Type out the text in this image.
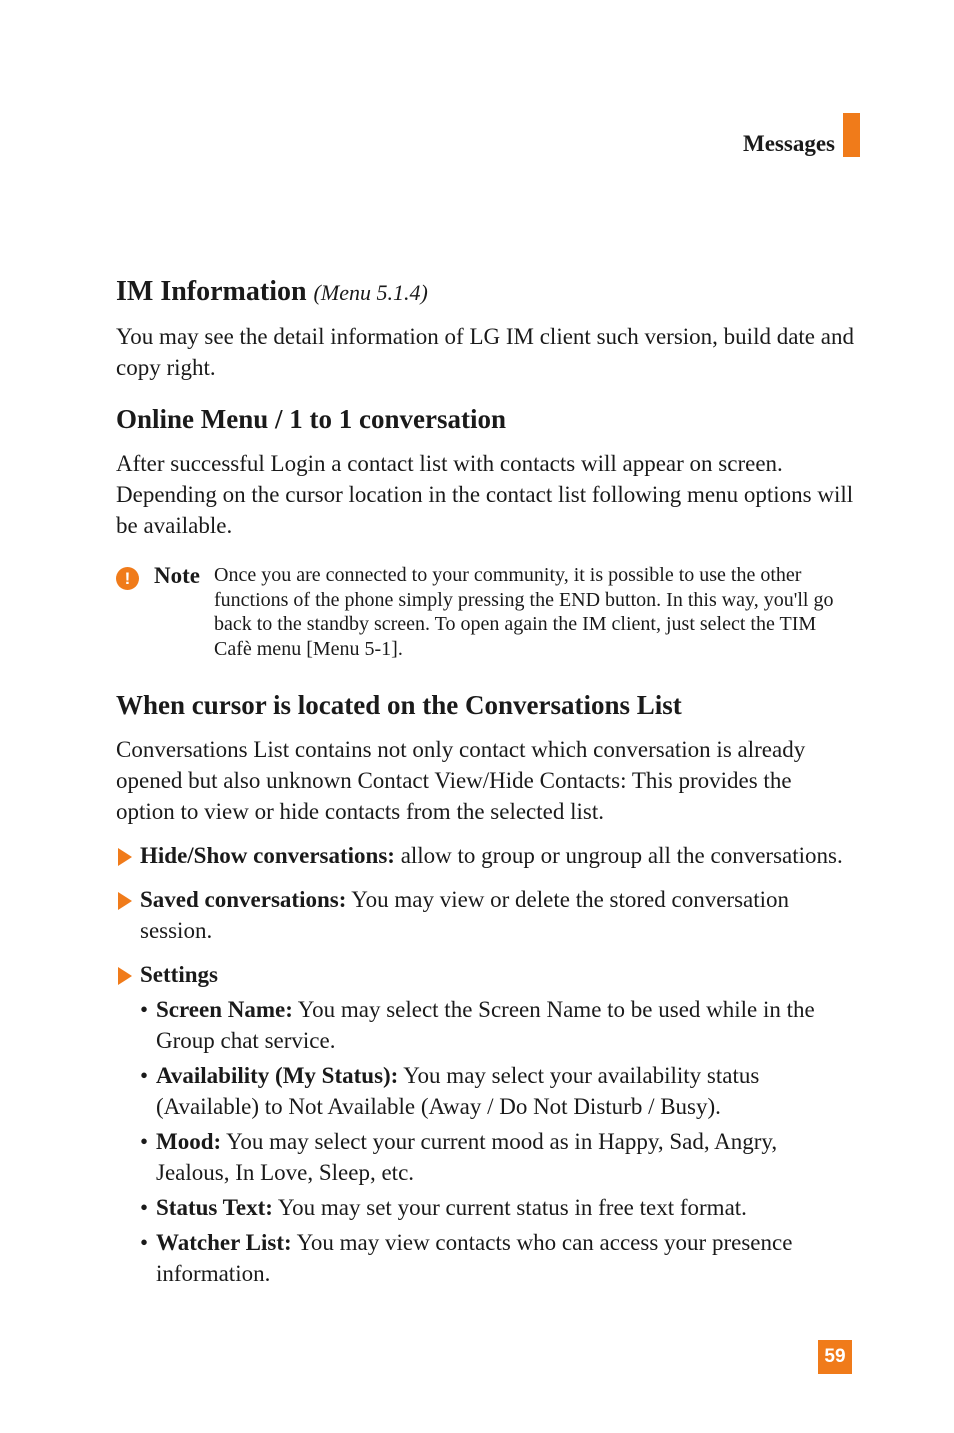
Messages
IM Information (Menu 5.1.4)

You may see the detail information of LG IM client such version, build date and copy right.

Online Menu / 1 to 1 conversation

After successful Login a contact list with contacts will appear on screen. Depending on the cursor location in the contact list following menu options will be available.

!	Note Once you are connected to your community, it is possible to use the other functions of the phone simply pressing the END button. In this way, you'll go back to the standby screen. To open again the IM client, just select the TIM Cafè menu [Menu 5-1].
When cursor is located on the Conversations List

Conversations List contains not only contact which conversation is already opened but also unknown Contact View/Hide Contacts: This provides the option to view or hide contacts from the selected list.

Hide/Show conversations: allow to group or ungroup all the conversations.
Saved conversations: You may view or delete the stored conversation session.
Settings
• Screen Name: You may select the Screen Name to be used while in the Group chat service.
• Availability (My Status): You may select your availability status (Available) to Not Available (Away / Do Not Disturb / Busy).
• Mood: You may select your current mood as in Happy, Sad, Angry, Jealous, In Love, Sleep, etc.
• Status Text: You may set your current status in free text format.
• Watcher List: You may view contacts who can access your presence information.
59
